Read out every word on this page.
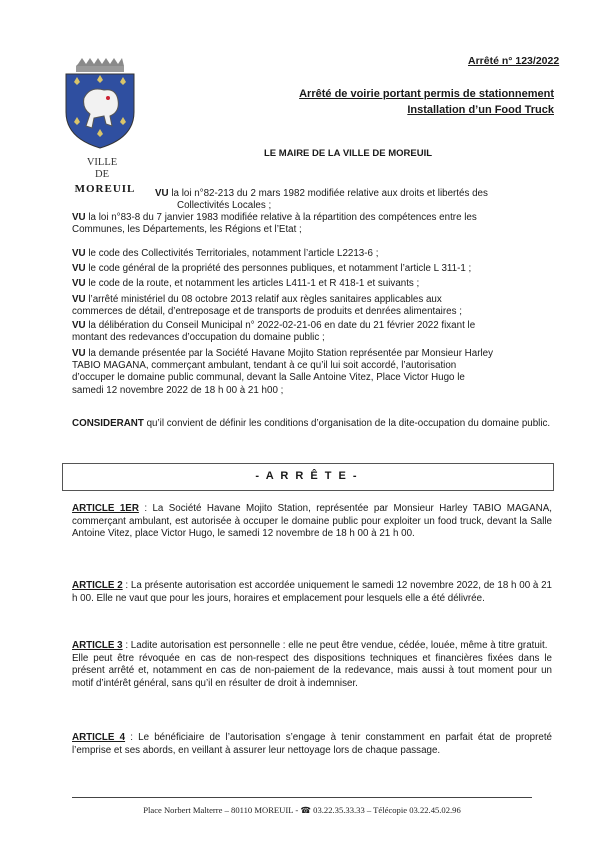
Arrêté n° 123/2022
Arrêté de voirie portant permis de stationnement
Installation d’un Food Truck
VILLE
DE
MOREUIL
LE MAIRE DE LA VILLE DE MOREUIL
VU la loi n°82-213 du 2 mars 1982 modifiée relative aux droits et libertés des
Collectivités Locales ;
VU la loi n°83-8 du 7 janvier 1983 modifiée relative à la répartition des compétences entre les
Communes, les Départements, les Régions et l’Etat ;
VU le code des Collectivités Territoriales, notamment l’article L2213-6 ;
VU le code général de la propriété des personnes publiques, et notamment l’article L 311-1 ;
VU le code de la route, et notamment les articles L411-1 et R 418-1 et suivants ;
VU l’arrêté ministériel du 08 octobre 2013 relatif aux règles sanitaires applicables aux
commerces de détail, d’entreposage et de transports de produits et denrées alimentaires ;
VU la délibération du Conseil Municipal n° 2022-02-21-06 en date du 21 février 2022 fixant le
montant des redevances d’occupation du domaine public ;
VU la demande présentée par la Société Havane Mojito Station représentée par Monsieur Harley
TABIO MAGANA, commerçant ambulant, tendant à ce qu’il lui soit accordé, l’autorisation
d’occuper le domaine public communal, devant la Salle Antoine Vitez, Place Victor Hugo le
samedi 12 novembre 2022 de 18 h 00 à 21 h00 ;
CONSIDERANT qu’il convient de définir les conditions d’organisation de la dite-occupation du domaine public.
- A R R Ê T E -
ARTICLE 1ER : La Société Havane Mojito Station, représentée par Monsieur Harley TABIO MAGANA, commerçant ambulant, est autorisée à occuper le domaine public pour exploiter un food truck, devant la Salle Antoine Vitez, place Victor Hugo, le samedi 12 novembre de 18 h 00 à 21 h 00.
ARTICLE 2 : La présente autorisation est accordée uniquement le samedi 12 novembre 2022, de 18 h 00 à 21 h 00. Elle ne vaut que pour les jours, horaires et emplacement pour lesquels elle a été délivrée.
ARTICLE 3 : Ladite autorisation est personnelle : elle ne peut être vendue, cédée, louée, même à titre gratuit.
Elle peut être révoquée en cas de non-respect des dispositions techniques et financières fixées dans le présent arrêté et, notamment en cas de non-paiement de la redevance, mais aussi à tout moment pour un motif d’intérêt général, sans qu’il en résulter de droit à indemniser.
ARTICLE 4 : Le bénéficiaire de l’autorisation s’engage à tenir constamment en parfait état de propreté l’emprise et ses abords, en veillant à assurer leur nettoyage lors de chaque passage.
Place Norbert Malterre – 80110 MOREUIL - ☎ 03.22.35.33.33 – Télécopie 03.22.45.02.96
